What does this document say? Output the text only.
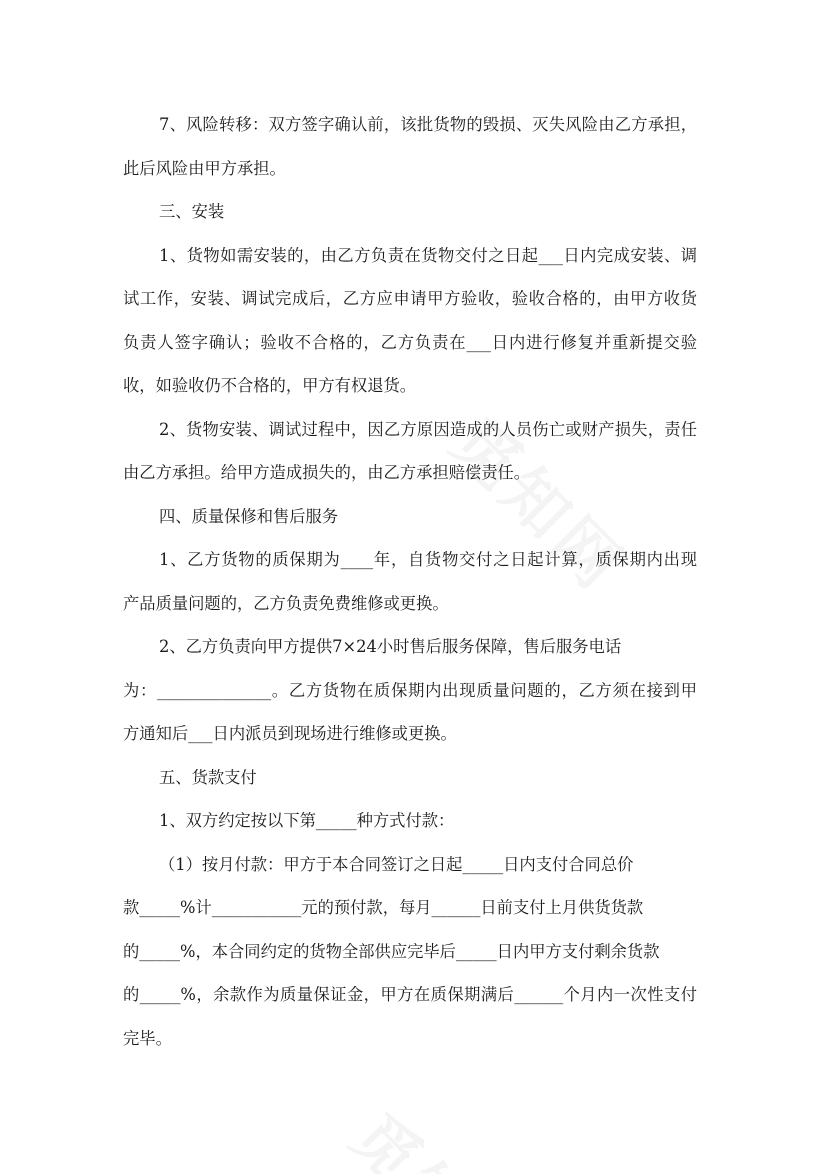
7、风险转移：双方签字确认前，该批货物的毁损、灭失风险由乙方承担，
此后风险由甲方承担。
三、安装
1、货物如需安装的，由乙方负责在货物交付之日起___日内完成安装、调
试工作，安装、调试完成后，乙方应申请甲方验收，验收合格的，由甲方收货
负责人签字确认；验收不合格的，乙方负责在___日内进行修复并重新提交验
收，如验收仍不合格的，甲方有权退货。
2、货物安装、调试过程中，因乙方原因造成的人员伤亡或财产损失，责任
由乙方承担。给甲方造成损失的，由乙方承担赔偿责任。
四、质量保修和售后服务
1、乙方货物的质保期为____年，自货物交付之日起计算，质保期内出现
产品质量问题的，乙方负责免费维修或更换。
2、乙方负责向甲方提供7×24小时售后服务保障，售后服务电话
为：______________。乙方货物在质保期内出现质量问题的，乙方须在接到甲
方通知后___日内派员到现场进行维修或更换。
五、货款支付
1、双方约定按以下第_____种方式付款：
（1）按月付款：甲方于本合同签订之日起_____日内支付合同总价
款_____%计___________元的预付款，每月______日前支付上月供货货款
的_____%，本合同约定的货物全部供应完毕后_____日内甲方支付剩余货款
的_____%，余款作为质量保证金，甲方在质保期满后______个月内一次性支付
完毕。
